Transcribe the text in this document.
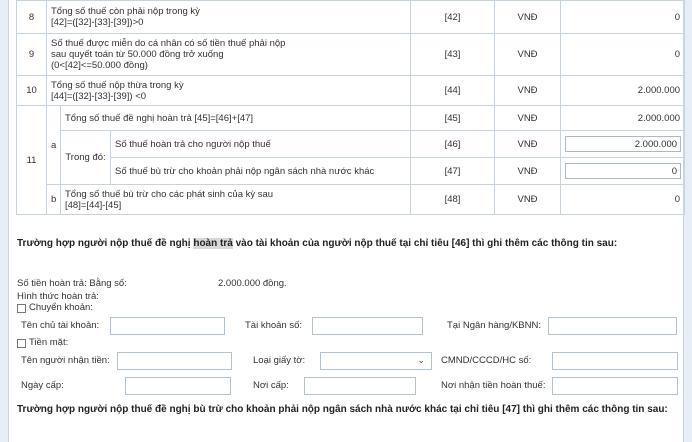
8	Tổng số thuế còn phải nộp trong kỳ
[42]=([32]-[33]-[39])>0			[42]	VNĐ	0
9	Số thuế được miễn do cá nhân có số tiền thuế phải nộp
sau quyết toán từ 50.000 đồng trở xuống
(0<[42]<=50.000 đồng)			[43]	VNĐ	0
10	Tổng số thuế nộp thừa trong kỳ
[44]=([32]-[33]-[39]) <0			[44]	VNĐ	2.000.000
11	a	Tổng số thuế đề nghị hoàn trả [45]=[46]+[47]		[45]	VNĐ	2.000.000
		Trong đó:	Số thuế hoàn trả cho người nộp thuế	[46]	VNĐ	2.000.000
			Số thuế bù trừ cho khoản phải nộp ngân sách nhà nước khác	[47]	VNĐ	0
	b	Tổng số thuế bù trừ cho các phát sinh của kỳ sau
[48]=[44]-[45]		[48]	VNĐ	0
Trường hợp người nộp thuế đề nghị hoàn trả vào tài khoản của người nộp thuế tại chỉ tiêu [46] thì ghi thêm các thông tin sau:
Số tiền hoàn trả: Bằng số:	2.000.000 đồng.
Hình thức hoàn trả:
Chuyển khoản:
Tên chủ tài khoản:	Tài khoản số:	Tại Ngân hàng/KBNN:
Tiền mặt:
Tên người nhận tiền:	Loại giấy tờ:	⌄ CMND/CCCD/HC số:
Ngày cấp:	Nơi cấp:	Nơi nhận tiền hoàn thuế:
Trường hợp người nộp thuế đề nghị bù trừ cho khoản phải nộp ngân sách nhà nước khác tại chỉ tiêu [47] thì ghi thêm các thông tin sau:
